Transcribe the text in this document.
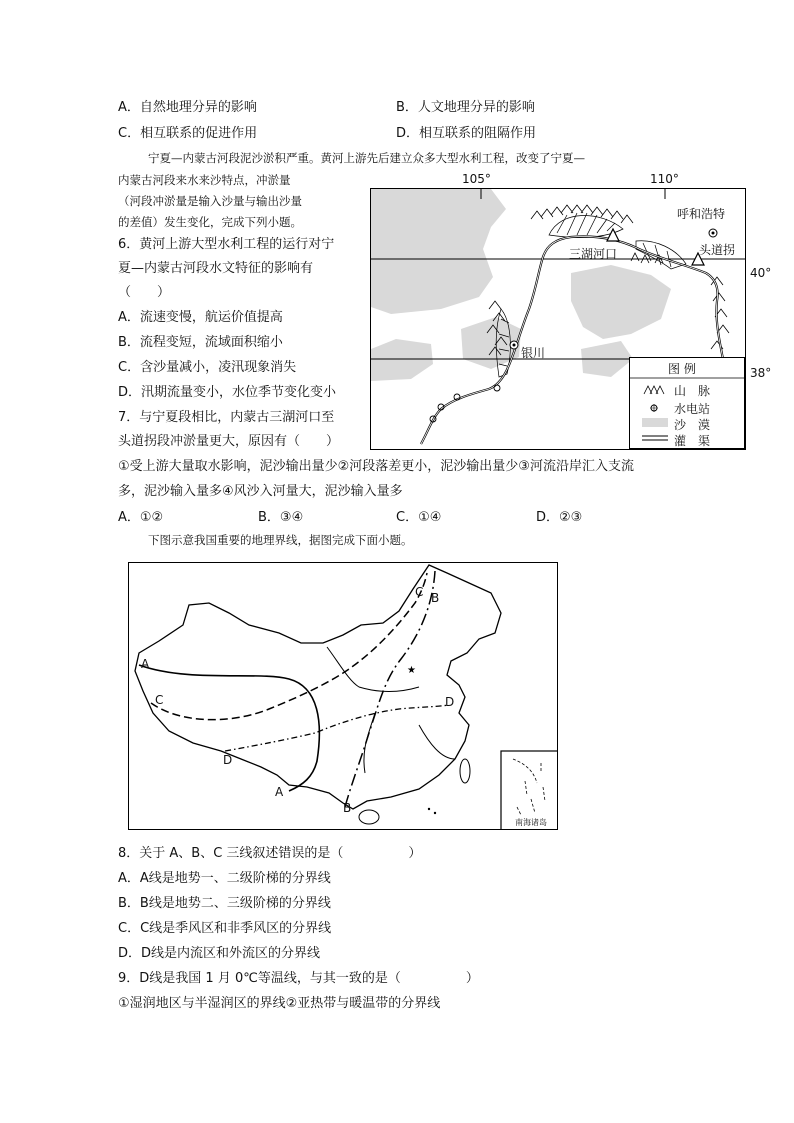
A．自然地理分异的影响	B．人文地理分异的影响
C．相互联系的促进作用	D．相互联系的阻隔作用
宁夏—内蒙古河段泥沙淤积严重。黄河上游先后建立众多大型水利工程，改变了宁夏—
内蒙古河段来水来沙特点，冲淤量
（河段冲淤量是输入沙量与输出沙量
的差值）发生变化，完成下列小题。
6．黄河上游大型水利工程的运行对宁
夏—内蒙古河段水文特征的影响有
（　　）
A．流速变慢，航运价值提高
B．流程变短，流域面积缩小
C．含沙量减小，凌汛现象消失
D．汛期流量变小，水位季节变化变小
7．与宁夏段相比，内蒙古三湖河口至
头道拐段冲淤量更大，原因有（　　）
①受上游大量取水影响，泥沙输出量少②河段落差更小，泥沙输出量少③河流沿岸汇入支流
多，泥沙输入量多④风沙入河量大，泥沙输入量多
A．①②	B．③④	C．①④	D．②③
105°	110°
40°
38°
呼和浩特
三湖河口	头道拐
银川
图 例
山　脉
水电站
沙　漠
灌　渠
下图示意我国重要的地理界线，据图完成下面小题。
★
A
A
B
B
C
C	D
D
南海诸岛
8．关于 A、B、C 三线叙述错误的是（　　　　　）
A．A线是地势一、二级阶梯的分界线
B．B线是地势二、三级阶梯的分界线
C．C线是季风区和非季风区的分界线
D．D线是内流区和外流区的分界线
9．D线是我国 1 月 0℃等温线，与其一致的是（　　　　　）
①湿润地区与半湿润区的界线②亚热带与暖温带的分界线
